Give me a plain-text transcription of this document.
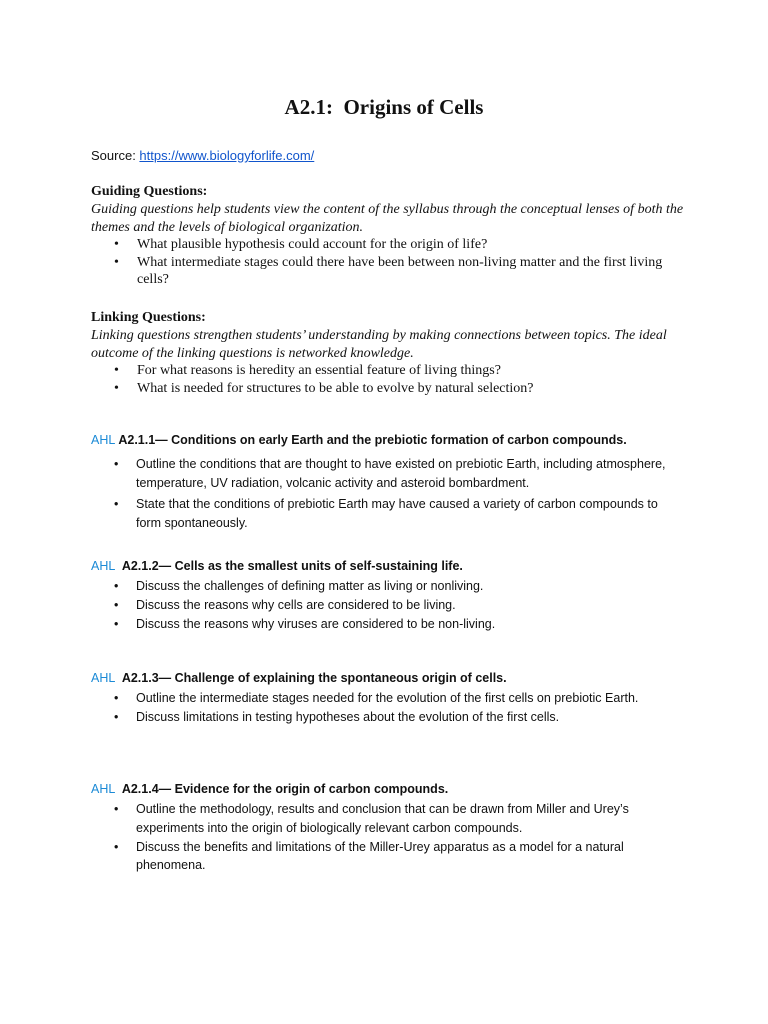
A2.1:  Origins of Cells
Source: https://www.biologyforlife.com/
Guiding Questions:
Guiding questions help students view the content of the syllabus through the conceptual lenses of both the themes and the levels of biological organization.
• What plausible hypothesis could account for the origin of life?
• What intermediate stages could there have been between non-living matter and the first living cells?
Linking Questions:
Linking questions strengthen students’ understanding by making connections between topics. The ideal outcome of the linking questions is networked knowledge.
• For what reasons is heredity an essential feature of living things?
• What is needed for structures to be able to evolve by natural selection?
AHL A2.1.1— Conditions on early Earth and the prebiotic formation of carbon compounds.
• Outline the conditions that are thought to have existed on prebiotic Earth, including atmosphere, temperature, UV radiation, volcanic activity and asteroid bombardment.
• State that the conditions of prebiotic Earth may have caused a variety of carbon compounds to form spontaneously.
AHL A2.1.2— Cells as the smallest units of self-sustaining life.
• Discuss the challenges of defining matter as living or nonliving.
• Discuss the reasons why cells are considered to be living.
• Discuss the reasons why viruses are considered to be non-living.
AHL A2.1.3— Challenge of explaining the spontaneous origin of cells.
• Outline the intermediate stages needed for the evolution of the first cells on prebiotic Earth.
• Discuss limitations in testing hypotheses about the evolution of the first cells.
AHL A2.1.4— Evidence for the origin of carbon compounds.
• Outline the methodology, results and conclusion that can be drawn from Miller and Urey’s experiments into the origin of biologically relevant carbon compounds.
• Discuss the benefits and limitations of the Miller-Urey apparatus as a model for a natural phenomena.
